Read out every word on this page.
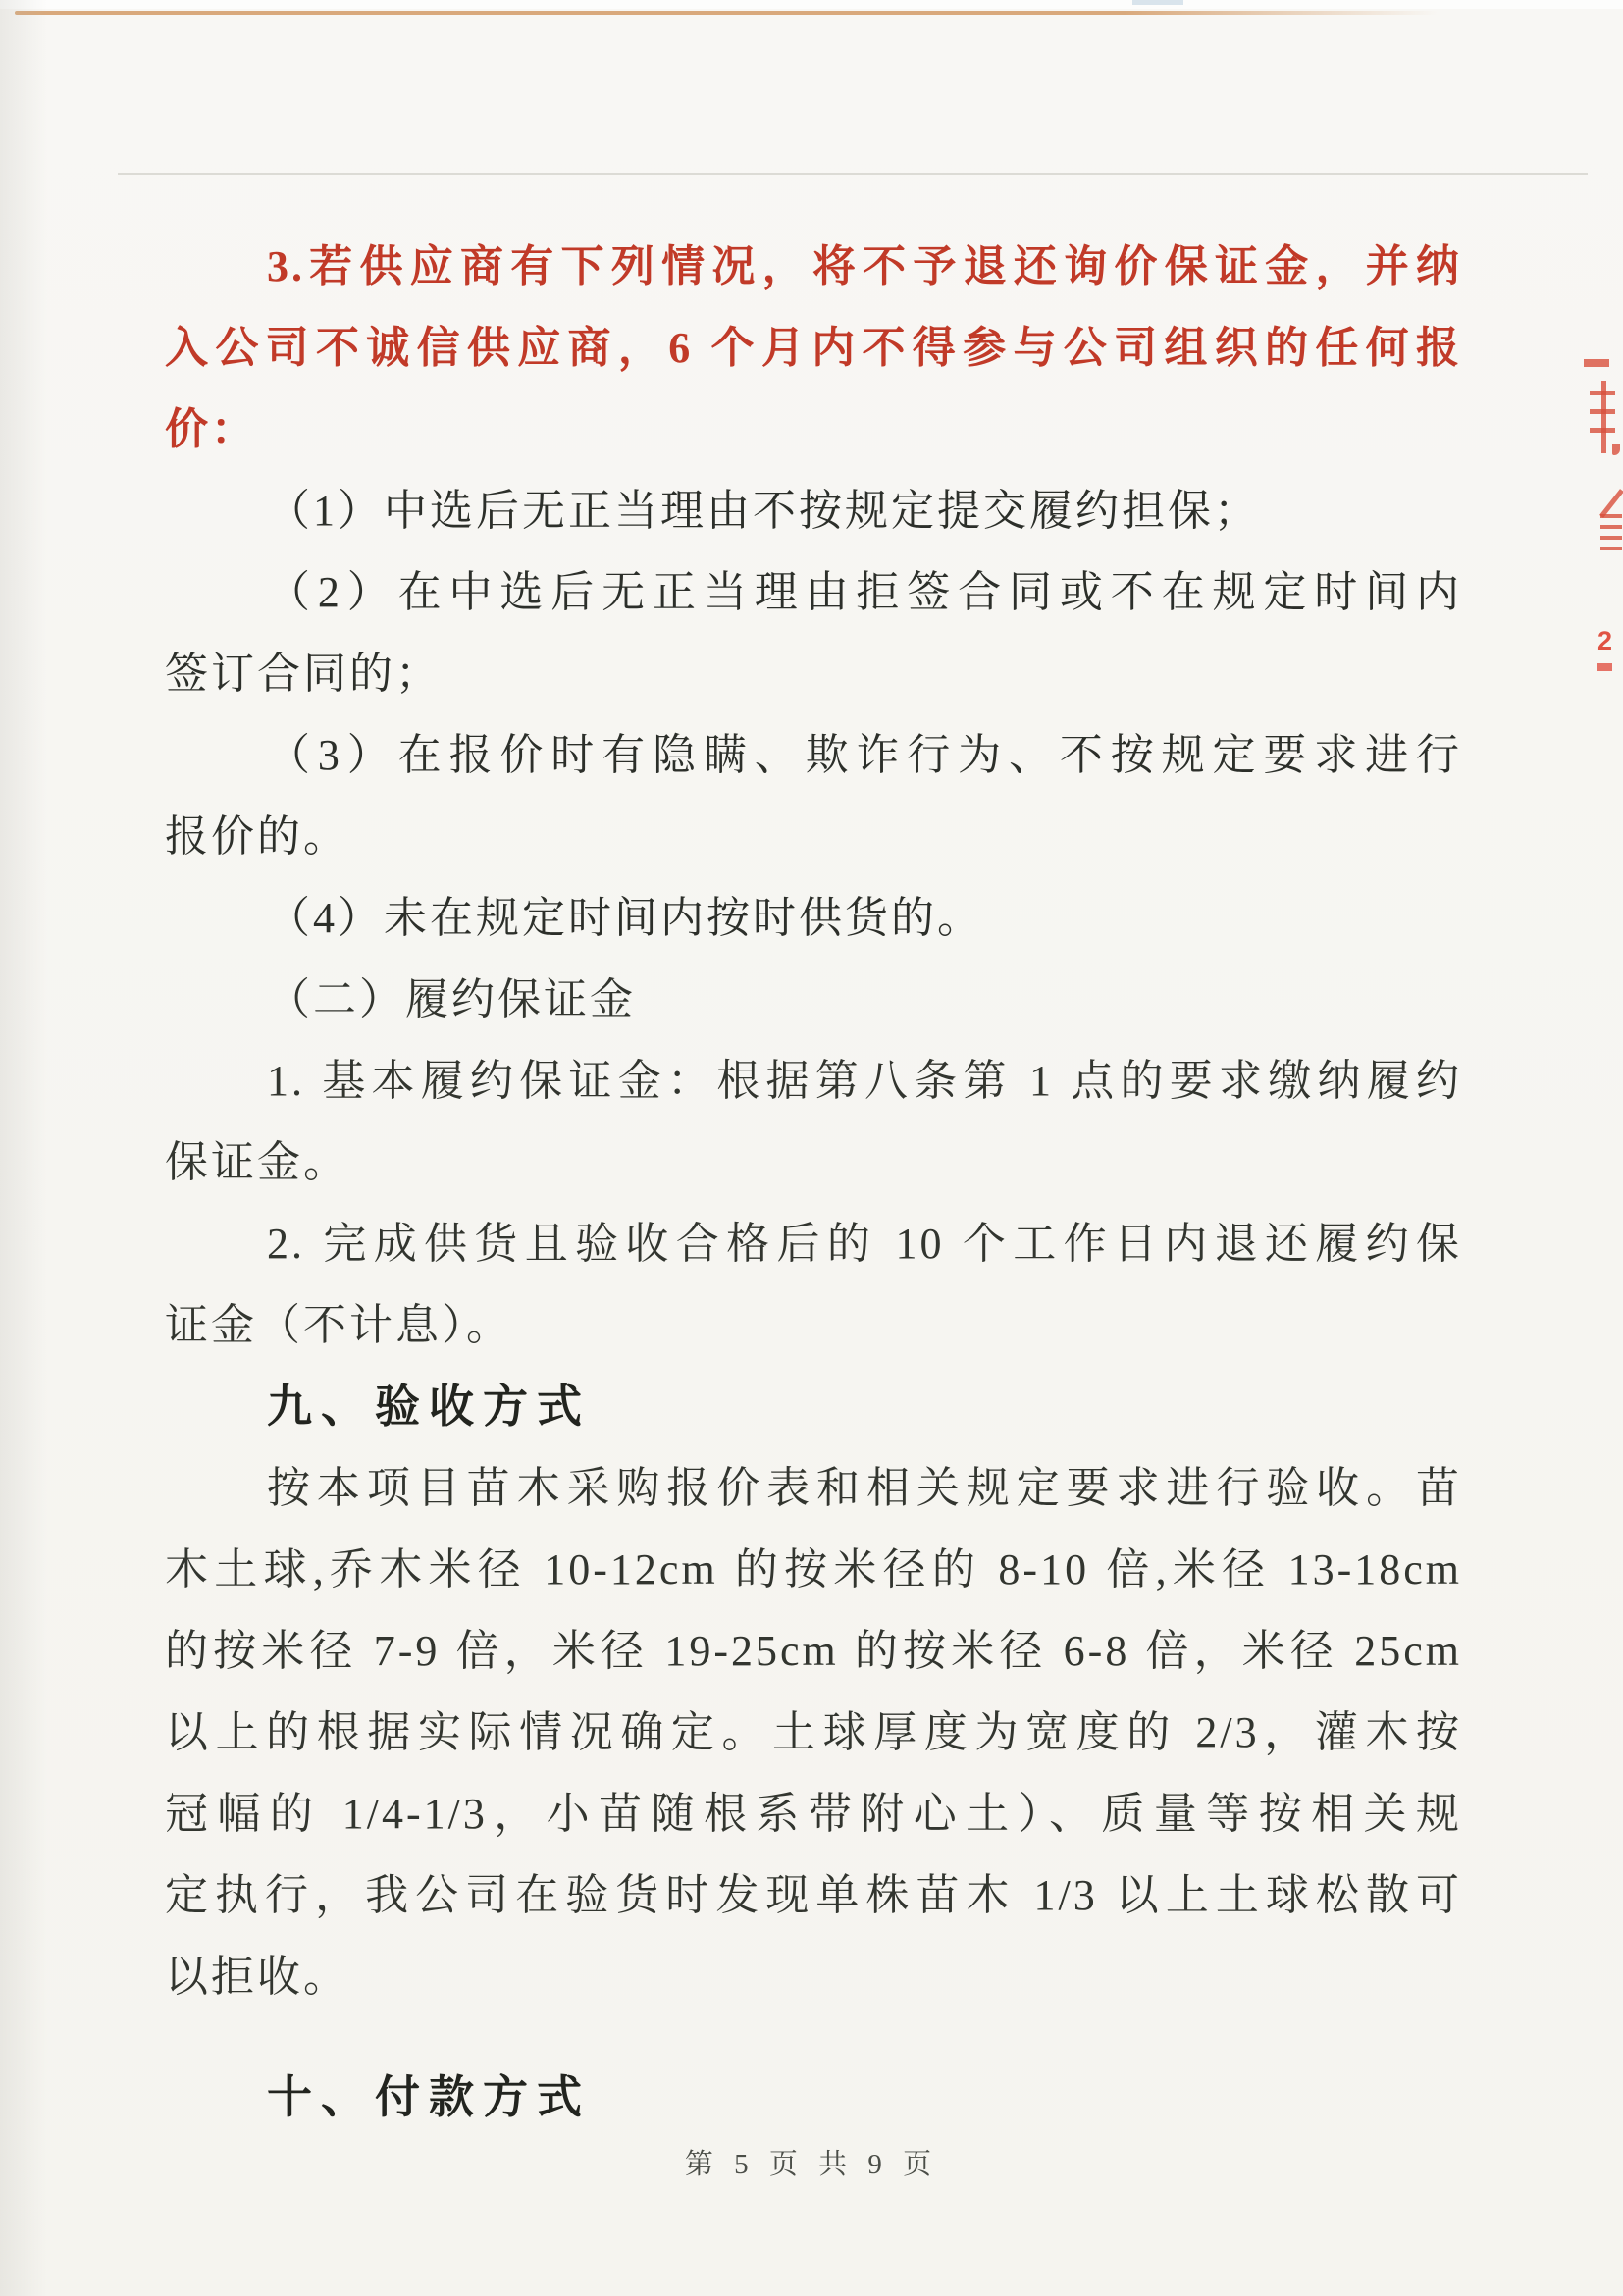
3.若供应商有下列情况，将不予退还询价保证金，并纳
入公司不诚信供应商，6 个月内不得参与公司组织的任何报
价：
（1）中选后无正当理由不按规定提交履约担保；
（2）在中选后无正当理由拒签合同或不在规定时间内
签订合同的；
（3）在报价时有隐瞒、欺诈行为、不按规定要求进行
报价的。
（4）未在规定时间内按时供货的。
（二）履约保证金
1. 基本履约保证金：根据第八条第 1 点的要求缴纳履约
保证金。
2. 完成供货且验收合格后的 10 个工作日内退还履约保
证金（不计息）。
九、验收方式
按本项目苗木采购报价表和相关规定要求进行验收。苗
木土球,乔木米径 10-12cm 的按米径的 8-10 倍,米径 13-18cm
的按米径 7-9 倍，米径 19-25cm 的按米径 6-8 倍，米径 25cm
以上的根据实际情况确定。土球厚度为宽度的 2/3，灌木按
冠幅的 1/4-1/3，小苗随根系带附心土）、质量等按相关规
定执行，我公司在验货时发现单株苗木 1/3 以上土球松散可
以拒收。
十、付款方式
第 5 页 共 9 页
2
